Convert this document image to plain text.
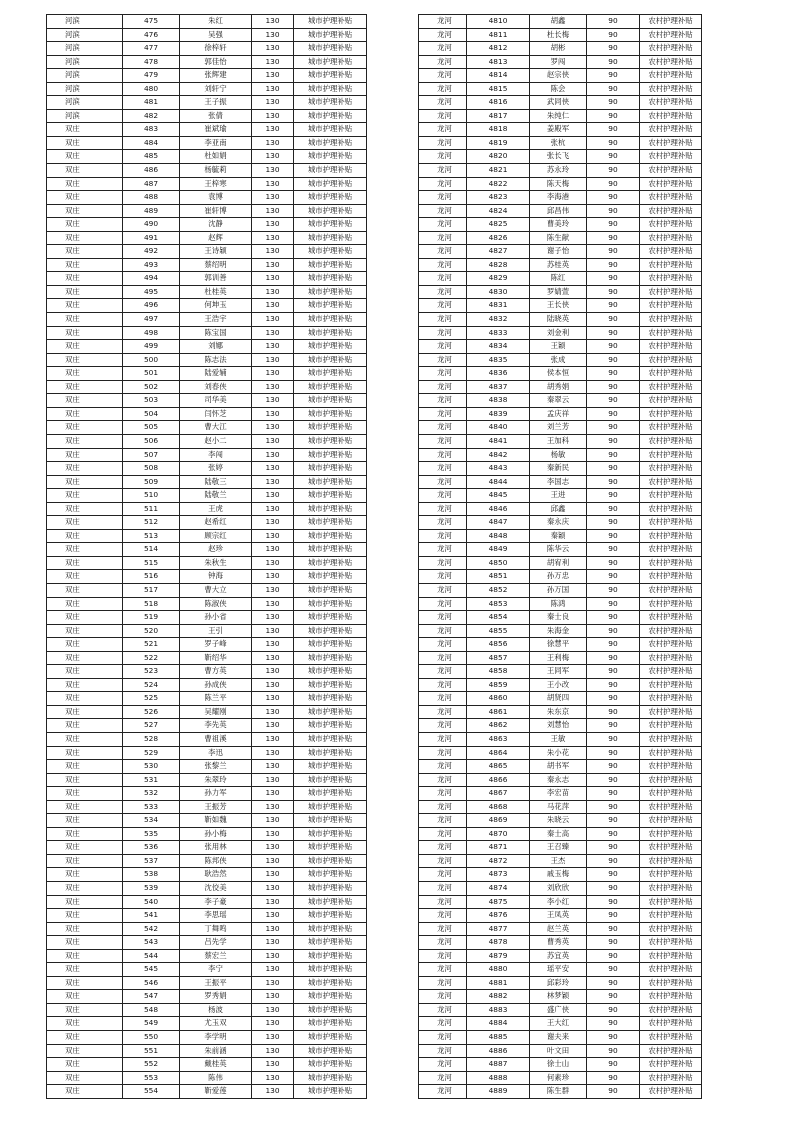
河滨	475	朱红	130	城市护理补贴
河滨	476	吴强	130	城市护理补贴
河滨	477	徐梓轩	130	城市护理补贴
河滨	478	郭佳怡	130	城市护理补贴
河滨	479	张辉建	130	城市护理补贴
河滨	480	刘轩宁	130	城市护理补贴
河滨	481	王子振	130	城市护理补贴
河滨	482	张倩	130	城市护理补贴
双庄	483	崔斌瑜	130	城市护理补贴
双庄	484	李亚南	130	城市护理补贴
双庄	485	杜如娟	130	城市护理补贴
双庄	486	杨毓莉	130	城市护理补贴
双庄	487	王梓寒	130	城市护理补贴
双庄	488	袁博	130	城市护理补贴
双庄	489	崔轩博	130	城市护理补贴
双庄	490	沈静	130	城市护理补贴
双庄	491	赵辉	130	城市护理补贴
双庄	492	王诗颖	130	城市护理补贴
双庄	493	蔡绍明	130	城市护理补贴
双庄	494	郭训善	130	城市护理补贴
双庄	495	杜桂英	130	城市护理补贴
双庄	496	何坤玉	130	城市护理补贴
双庄	497	王浩宇	130	城市护理补贴
双庄	498	陈宝国	130	城市护理补贴
双庄	499	刘娜	130	城市护理补贴
双庄	500	陈志法	130	城市护理补贴
双庄	501	陆爱辅	130	城市护理补贴
双庄	502	刘春侠	130	城市护理补贴
双庄	503	司华美	130	城市护理补贴
双庄	504	闫怀芝	130	城市护理补贴
双庄	505	曹大江	130	城市护理补贴
双庄	506	赵小二	130	城市护理补贴
双庄	507	李闯	130	城市护理补贴
双庄	508	张婷	130	城市护理补贴
双庄	509	陆敬三	130	城市护理补贴
双庄	510	陆敬兰	130	城市护理补贴
双庄	511	王虎	130	城市护理补贴
双庄	512	赵希红	130	城市护理补贴
双庄	513	顾宗红	130	城市护理补贴
双庄	514	赵珍	130	城市护理补贴
双庄	515	朱秋生	130	城市护理补贴
双庄	516	钟海	130	城市护理补贴
双庄	517	曹大立	130	城市护理补贴
双庄	518	陈淑侠	130	城市护理补贴
双庄	519	孙小省	130	城市护理补贴
双庄	520	王引	130	城市护理补贴
双庄	521	罗子峰	130	城市护理补贴
双庄	522	靳绍华	130	城市护理补贴
双庄	523	曹方英	130	城市护理补贴
双庄	524	孙成侠	130	城市护理补贴
双庄	525	陈兰平	130	城市护理补贴
双庄	526	吴耀刚	130	城市护理补贴
双庄	527	李先英	130	城市护理补贴
双庄	528	曹祖溪	130	城市护理补贴
双庄	529	李迅	130	城市护理补贴
双庄	530	张黎兰	130	城市护理补贴
双庄	531	朱翠玲	130	城市护理补贴
双庄	532	孙力军	130	城市护理补贴
双庄	533	王振芳	130	城市护理补贴
双庄	534	靳如魏	130	城市护理补贴
双庄	535	孙小梅	130	城市护理补贴
双庄	536	张用林	130	城市护理补贴
双庄	537	陈邦侠	130	城市护理补贴
双庄	538	耿浩然	130	城市护理补贴
双庄	539	沈佼美	130	城市护理补贴
双庄	540	李子豪	130	城市护理补贴
双庄	541	李思瑶	130	城市护理补贴
双庄	542	丁舞鸣	130	城市护理补贴
双庄	543	吕先学	130	城市护理补贴
双庄	544	蔡宏兰	130	城市护理补贴
双庄	545	李宁	130	城市护理补贴
双庄	546	王振平	130	城市护理补贴
双庄	547	罗秀娟	130	城市护理补贴
双庄	548	杨波	130	城市护理补贴
双庄	549	尤玉双	130	城市护理补贴
双庄	550	李学明	130	城市护理补贴
双庄	551	朱前涵	130	城市护理补贴
双庄	552	戴桂英	130	城市护理补贴
双庄	553	陈伟	130	城市护理补贴
双庄	554	靳爱莲	130	城市护理补贴
龙河	4810	胡鑫	90	农村护理补贴
龙河	4811	杜长梅	90	农村护理补贴
龙河	4812	胡彬	90	农村护理补贴
龙河	4813	罗闯	90	农村护理补贴
龙河	4814	赵宗侠	90	农村护理补贴
龙河	4815	陈会	90	农村护理补贴
龙河	4816	武同侠	90	农村护理补贴
龙河	4817	朱纯仁	90	农村护理补贴
龙河	4818	姜殿军	90	农村护理补贴
龙河	4819	张杭	90	农村护理补贴
龙河	4820	张长飞	90	农村护理补贴
龙河	4821	苏永玲	90	农村护理补贴
龙河	4822	陈天梅	90	农村护理补贴
龙河	4823	李海港	90	农村护理补贴
龙河	4824	邱昌伟	90	农村护理补贴
龙河	4825	曹美玲	90	农村护理补贴
龙河	4826	陈生献	90	农村护理补贴
龙河	4827	谢子怡	90	农村护理补贴
龙河	4828	苏桂英	90	农村护理补贴
龙河	4829	陈红	90	农村护理补贴
龙河	4830	罗婧萱	90	农村护理补贴
龙河	4831	王长侠	90	农村护理补贴
龙河	4832	陆晓英	90	农村护理补贴
龙河	4833	刘金利	90	农村护理补贴
龙河	4834	王颖	90	农村护理补贴
龙河	4835	张成	90	农村护理补贴
龙河	4836	侯本恒	90	农村护理补贴
龙河	4837	胡秀娟	90	农村护理补贴
龙河	4838	秦翠云	90	农村护理补贴
龙河	4839	孟庆祥	90	农村护理补贴
龙河	4840	刘兰芳	90	农村护理补贴
龙河	4841	王加科	90	农村护理补贴
龙河	4842	杨敏	90	农村护理补贴
龙河	4843	秦新民	90	农村护理补贴
龙河	4844	李国志	90	农村护理补贴
龙河	4845	王进	90	农村护理补贴
龙河	4846	邱鑫	90	农村护理补贴
龙河	4847	秦永庆	90	农村护理补贴
龙河	4848	秦颖	90	农村护理补贴
龙河	4849	陈华云	90	农村护理补贴
龙河	4850	胡宥利	90	农村护理补贴
龙河	4851	孙万忠	90	农村护理补贴
龙河	4852	孙万国	90	农村护理补贴
龙河	4853	陈鸿	90	农村护理补贴
龙河	4854	秦士良	90	农村护理补贴
龙河	4855	朱海金	90	农村护理补贴
龙河	4856	徐慧平	90	农村护理补贴
龙河	4857	王利梅	90	农村护理补贴
龙河	4858	王同军	90	农村护理补贴
龙河	4859	王小改	90	农村护理补贴
龙河	4860	胡贤四	90	农村护理补贴
龙河	4861	朱东京	90	农村护理补贴
龙河	4862	刘慧怡	90	农村护理补贴
龙河	4863	王敏	90	农村护理补贴
龙河	4864	朱小花	90	农村护理补贴
龙河	4865	胡书军	90	农村护理补贴
龙河	4866	秦永志	90	农村护理补贴
龙河	4867	李宏苗	90	农村护理补贴
龙河	4868	马花萍	90	农村护理补贴
龙河	4869	朱晓云	90	农村护理补贴
龙河	4870	秦士高	90	农村护理补贴
龙河	4871	王召臻	90	农村护理补贴
龙河	4872	王杰	90	农村护理补贴
龙河	4873	戚玉梅	90	农村护理补贴
龙河	4874	刘欣欣	90	农村护理补贴
龙河	4875	李小红	90	农村护理补贴
龙河	4876	王凤英	90	农村护理补贴
龙河	4877	赵兰英	90	农村护理补贴
龙河	4878	曹秀英	90	农村护理补贴
龙河	4879	苏宜英	90	农村护理补贴
龙河	4880	瑶平安	90	农村护理补贴
龙河	4881	邱彩玲	90	农村护理补贴
龙河	4882	林梦颖	90	农村护理补贴
龙河	4883	盛广侠	90	农村护理补贴
龙河	4884	王大红	90	农村护理补贴
龙河	4885	谢夫来	90	农村护理补贴
龙河	4886	叶文田	90	农村护理补贴
龙河	4887	徐士山	90	农村护理补贴
龙河	4888	何素珍	90	农村护理补贴
龙河	4889	陈生群	90	农村护理补贴
